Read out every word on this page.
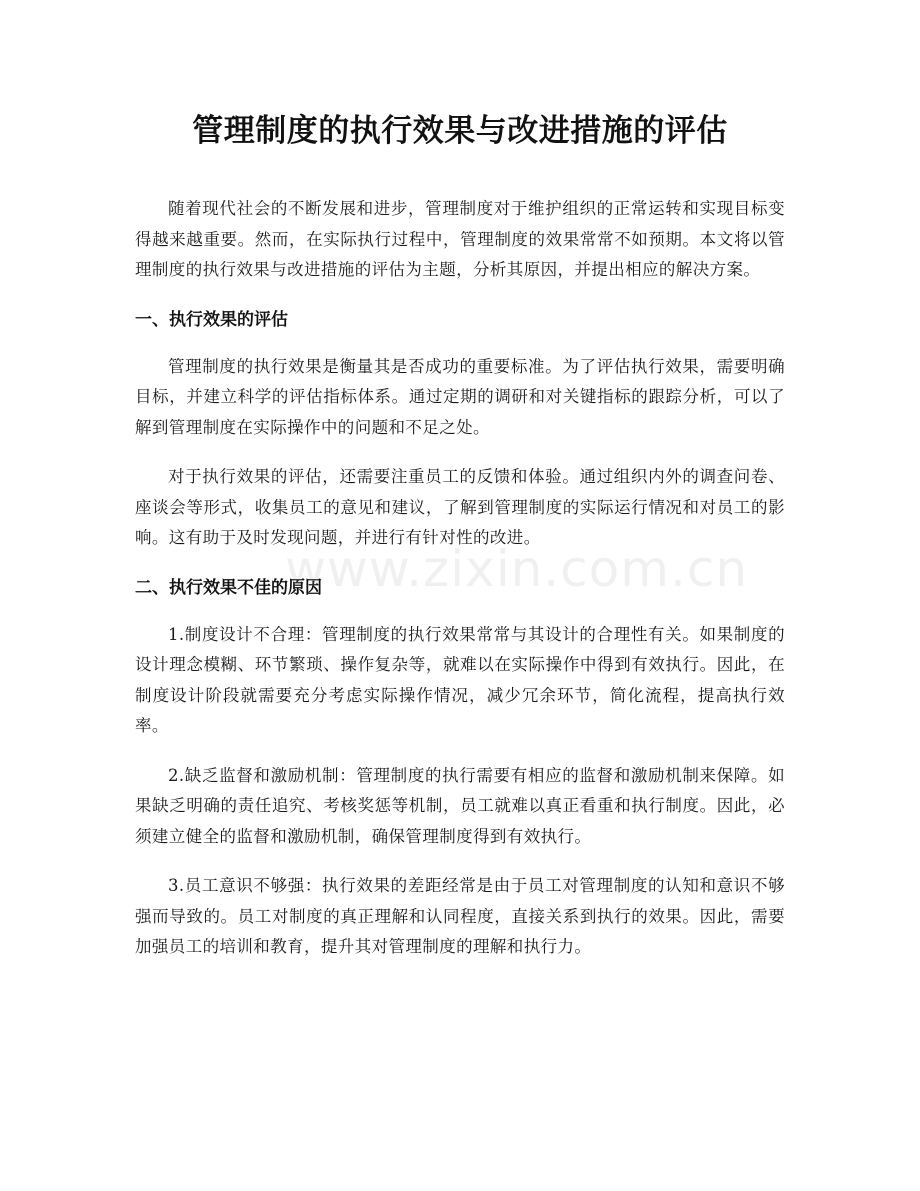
管理制度的执行效果与改进措施的评估

随着现代社会的不断发展和进步，管理制度对于维护组织的正常运转和实现目标变得越来越重要。然而，在实际执行过程中，管理制度的效果常常不如预期。本文将以管理制度的执行效果与改进措施的评估为主题，分析其原因，并提出相应的解决方案。

一、执行效果的评估

管理制度的执行效果是衡量其是否成功的重要标准。为了评估执行效果，需要明确目标，并建立科学的评估指标体系。通过定期的调研和对关键指标的跟踪分析，可以了解到管理制度在实际操作中的问题和不足之处。

对于执行效果的评估，还需要注重员工的反馈和体验。通过组织内外的调查问卷、座谈会等形式，收集员工的意见和建议，了解到管理制度的实际运行情况和对员工的影响。这有助于及时发现问题，并进行有针对性的改进。

二、执行效果不佳的原因

1.制度设计不合理：管理制度的执行效果常常与其设计的合理性有关。如果制度的设计理念模糊、环节繁琐、操作复杂等，就难以在实际操作中得到有效执行。因此，在制度设计阶段就需要充分考虑实际操作情况，减少冗余环节，简化流程，提高执行效率。

2.缺乏监督和激励机制：管理制度的执行需要有相应的监督和激励机制来保障。如果缺乏明确的责任追究、考核奖惩等机制，员工就难以真正看重和执行制度。因此，必须建立健全的监督和激励机制，确保管理制度得到有效执行。

3.员工意识不够强：执行效果的差距经常是由于员工对管理制度的认知和意识不够强而导致的。员工对制度的真正理解和认同程度，直接关系到执行的效果。因此，需要加强员工的培训和教育，提升其对管理制度的理解和执行力。

www.zixin.com.cn
